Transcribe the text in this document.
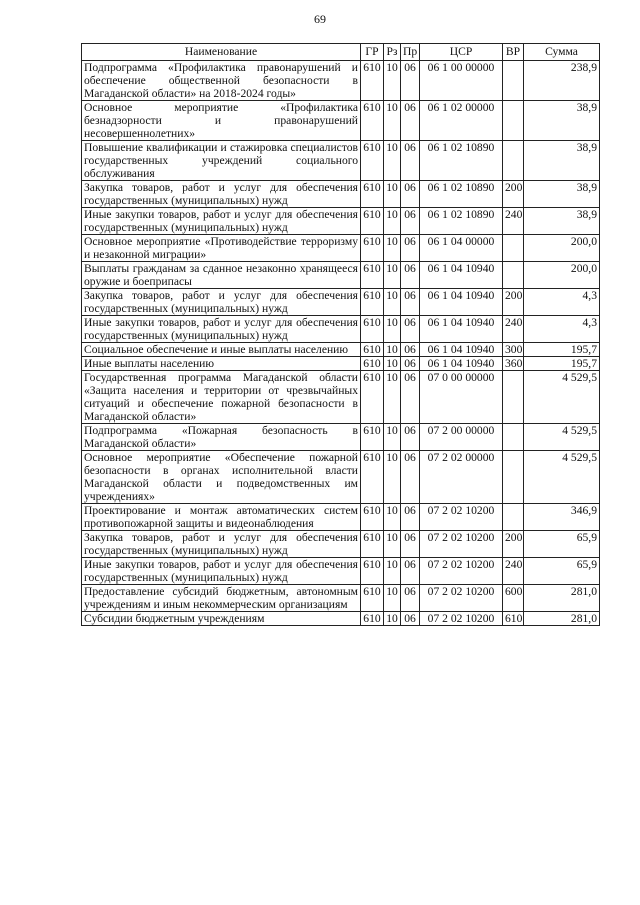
69
Наименование	ГР	Рз	Пр	ЦСР	ВР	Сумма
Подпрограмма «Профилактика правонарушений и обеспечение общественной безопасности в Магаданской области» на 2018-2024 годы»	610	10	06	06 1 00 00000		238,9
Основное мероприятие «Профилактика безнадзорности и правонарушений несовершеннолетних»	610	10	06	06 1 02 00000		38,9
Повышение квалификации и стажировка специалистов государственных учреждений социального обслуживания	610	10	06	06 1 02 10890		38,9
Закупка товаров, работ и услуг для обеспечения государственных (муниципальных) нужд	610	10	06	06 1 02 10890	200	38,9
Иные закупки товаров, работ и услуг для обеспечения государственных (муниципальных) нужд	610	10	06	06 1 02 10890	240	38,9
Основное мероприятие «Противодействие терроризму и незаконной миграции»	610	10	06	06 1 04 00000		200,0
Выплаты гражданам за сданное незаконно хранящееся оружие и боеприпасы	610	10	06	06 1 04 10940		200,0
Закупка товаров, работ и услуг для обеспечения государственных (муниципальных) нужд	610	10	06	06 1 04 10940	200	4,3
Иные закупки товаров, работ и услуг для обеспечения государственных (муниципальных) нужд	610	10	06	06 1 04 10940	240	4,3
Социальное обеспечение и иные выплаты населению	610	10	06	06 1 04 10940	300	195,7
Иные выплаты населению	610	10	06	06 1 04 10940	360	195,7
Государственная программа Магаданской области «Защита населения и территории от чрезвычайных ситуаций и обеспечение пожарной безопасности в Магаданской области»	610	10	06	07 0 00 00000		4 529,5
Подпрограмма «Пожарная безопасность в Магаданской области»	610	10	06	07 2 00 00000		4 529,5
Основное мероприятие «Обеспечение пожарной безопасности в органах исполнительной власти Магаданской области и подведомственных им учреждениях»	610	10	06	07 2 02 00000		4 529,5
Проектирование и монтаж автоматических систем противопожарной защиты и видеонаблюдения	610	10	06	07 2 02 10200		346,9
Закупка товаров, работ и услуг для обеспечения государственных (муниципальных) нужд	610	10	06	07 2 02 10200	200	65,9
Иные закупки товаров, работ и услуг для обеспечения государственных (муниципальных) нужд	610	10	06	07 2 02 10200	240	65,9
Предоставление субсидий бюджетным, автономным учреждениям и иным некоммерческим организациям	610	10	06	07 2 02 10200	600	281,0
Субсидии бюджетным учреждениям	610	10	06	07 2 02 10200	610	281,0
